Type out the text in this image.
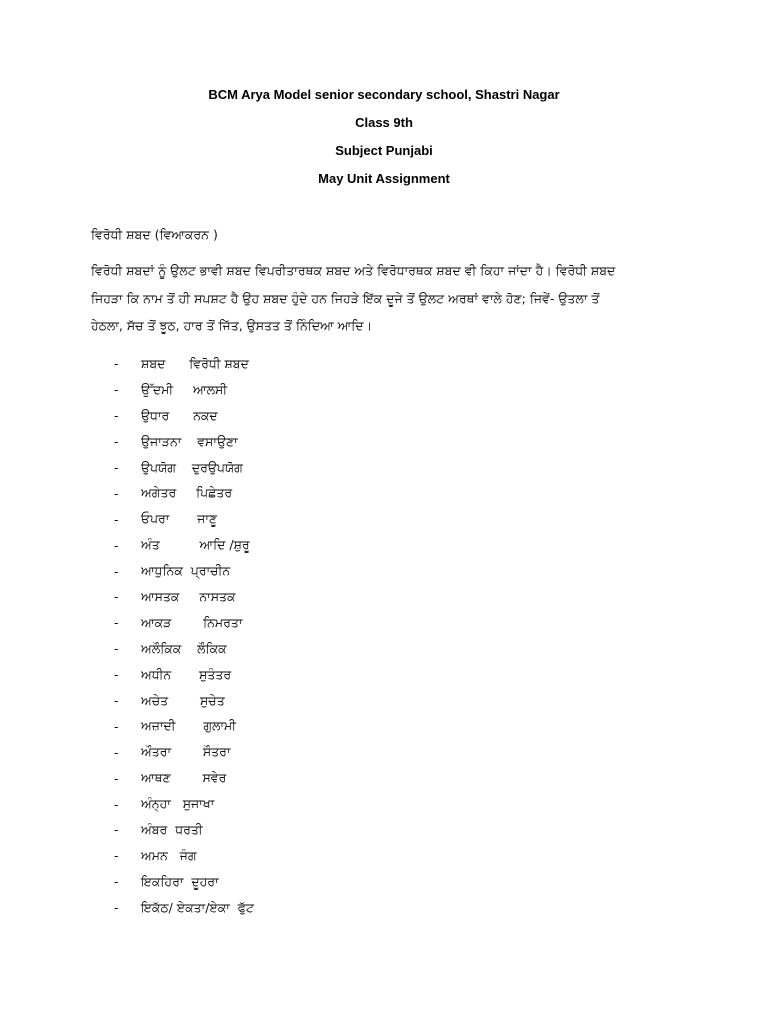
BCM Arya Model senior secondary school, Shastri Nagar
Class 9th
Subject Punjabi
May Unit Assignment
ਵਿਰੋਧੀ ਸ਼ਬਦ (ਵਿਆਕਰਨ )
ਵਿਰੋਧੀ ਸ਼ਬਦਾਂ ਨੂੰ ਉਲਟ ਭਾਵੀ ਸ਼ਬਦ ਵਿਪਰੀਤਾਰਥਕ ਸ਼ਬਦ ਅਤੇ ਵਿਰੋਧਾਰਥਕ ਸ਼ਬਦ ਵੀ ਕਿਹਾ ਜਾਂਦਾ ਹੈ। ਵਿਰੋਧੀ ਸ਼ਬਦ
ਜਿਹੜਾ ਕਿ ਨਾਮ ਤੋਂ ਹੀ ਸਪਸ਼ਟ ਹੈ ਉਹ ਸ਼ਬਦ ਹੁੰਦੇ ਹਨ ਜਿਹੜੇ ਇੱਕ ਦੂਜੇ ਤੋਂ ਉਲਟ ਅਰਥਾਂ ਵਾਲੇ ਹੋਣ; ਜਿਵੇਂ- ਉਤਲਾ ਤੋਂ
ਹੇਠਲਾ, ਸੱਚ ਤੋਂ ਝੂਠ, ਹਾਰ ਤੋਂ ਜਿੱਤ, ਉਸਤਤ ਤੋਂ ਨਿੰਦਿਆ ਆਦਿ।
-	ਸ਼ਬਦ      ਵਿਰੋਧੀ ਸ਼ਬਦ
-	ਉੱਦਮੀ     ਆਲਸੀ
-	ਉਧਾਰ      ਨਕਦ
-	ਉਜਾੜਨਾ    ਵਸਾਉਣਾ
-	ਉਪਯੋਗ    ਦੁਰਉਪਯੋਗ
-	ਅਗੇਤਰ     ਪਿਛੇਤਰ
-	ਓਪਰਾ       ਜਾਣੂ
-	ਅੰਤ          ਆਦਿ /ਸ਼ੁਰੂ
-	ਆਧੁਨਿਕ  ਪ੍ਰਾਚੀਨ
-	ਆਸਤਕ     ਨਾਸਤਕ
-	ਆਕੜ        ਨਿਮਰਤਾ
-	ਅਲੌਕਿਕ    ਲੌਕਿਕ
-	ਅਧੀਨ       ਸੁਤੰਤਰ
-	ਅਚੇਤ        ਸੁਚੇਤ
-	ਅਜ਼ਾਦੀ       ਗੁਲਾਮੀ
-	ਔਤਰਾ        ਸੌਤਰਾ
-	ਆਥਣ        ਸਵੇਰ
-	ਅੰਨ੍ਹਾ   ਸੁਜਾਖਾ
-	ਅੰਬਰ  ਧਰਤੀ
-	ਅਮਨ   ਜੰਗ
-	ਇਕਹਿਰਾ  ਦੂਹਰਾ
-	ਇਕੱਠ/ ਏਕਤਾ/ਏਕਾ  ਫੁੱਟ
